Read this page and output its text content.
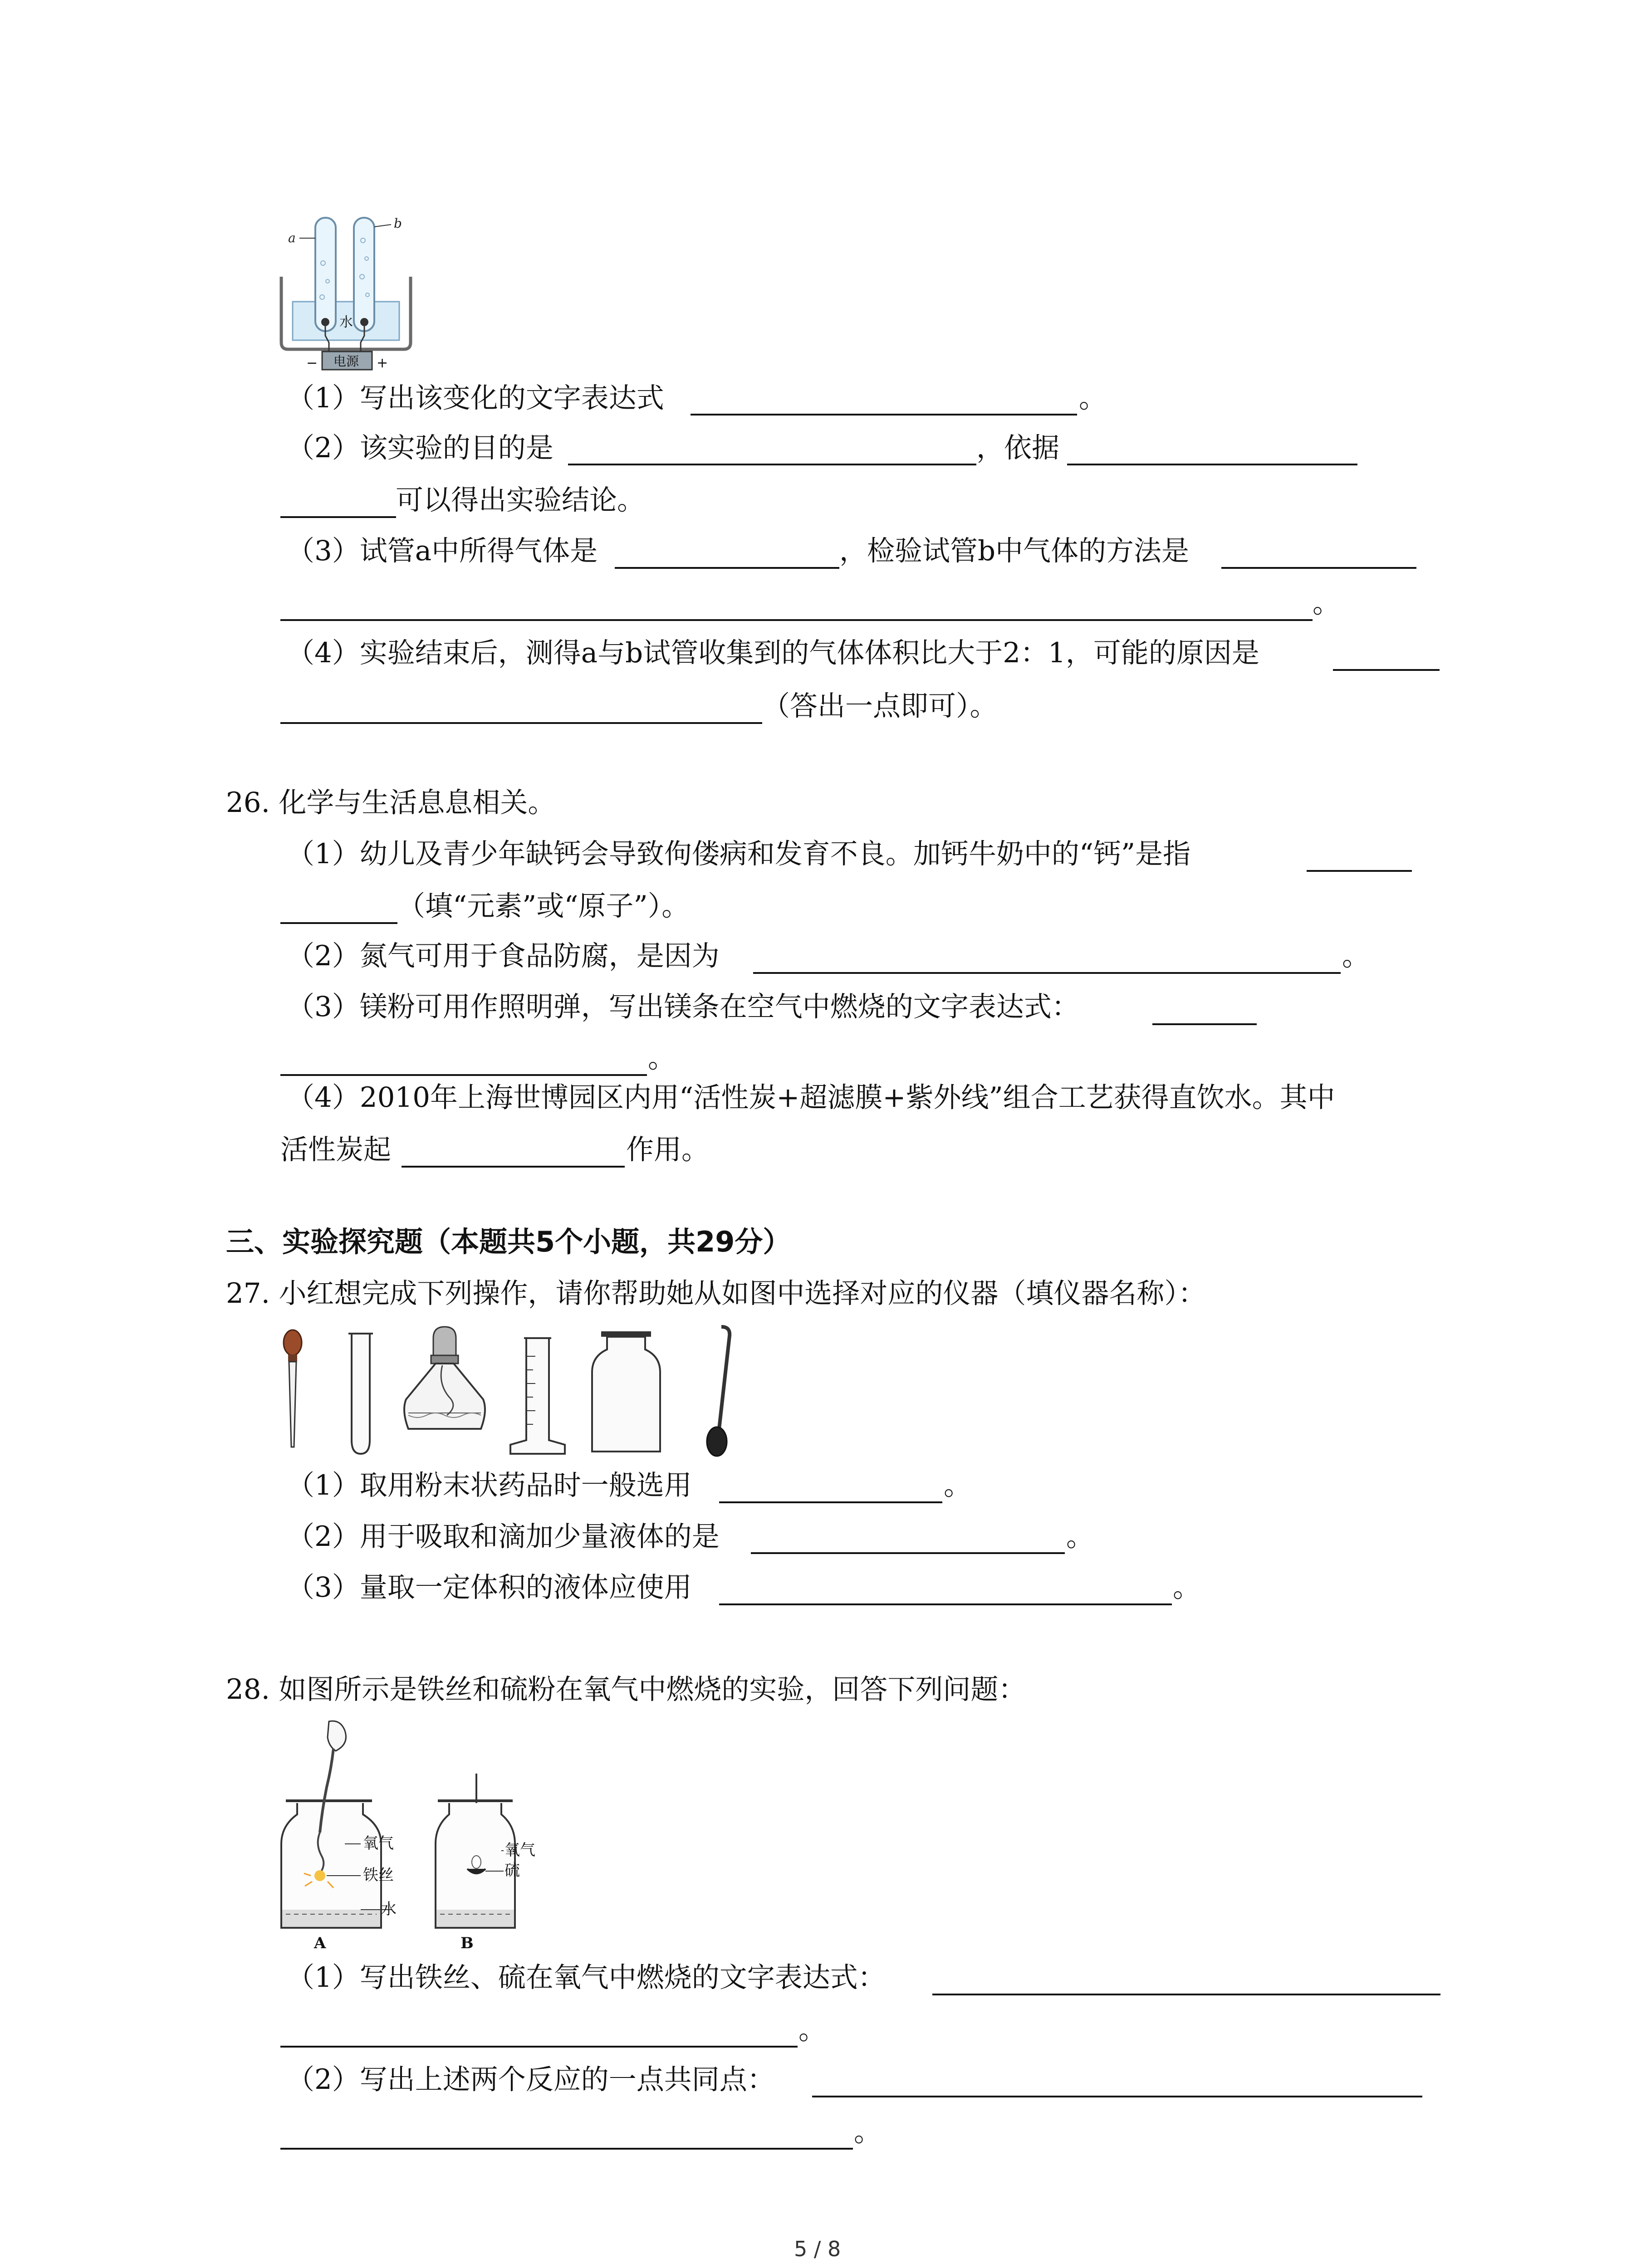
a
b
水
电源
−	+
（1）写出该变化的文字表达式	。
（2）该实验的目的是	，依据
可以得出实验结论。
（3）试管a中所得气体是	，检验试管b中气体的方法是
。
（4）实验结束后，测得a与b试管收集到的气体体积比大于2：1，可能的原因是
（答出一点即可）。
26. 化学与生活息息相关。
（1）幼儿及青少年缺钙会导致佝偻病和发育不良。加钙牛奶中的“钙”是指
（填“元素”或“原子”）。
（2）氮气可用于食品防腐，是因为	。
（3）镁粉可用作照明弹，写出镁条在空气中燃烧的文字表达式：
。
（4）2010年上海世博园区内用“活性炭+超滤膜+紫外线”组合工艺获得直饮水。其中
活性炭起	作用。
三、实验探究题（本题共5个小题，共29分）
27. 小红想完成下列操作，请你帮助她从如图中选择对应的仪器（填仪器名称）：
（1）取用粉末状药品时一般选用	。
（2）用于吸取和滴加少量液体的是	。
（3）量取一定体积的液体应使用	。
28. 如图所示是铁丝和硫粉在氧气中燃烧的实验，回答下列问题：
氧气
铁丝
水
A
氧气
硫
B
（1）写出铁丝、硫在氧气中燃烧的文字表达式：
。
（2）写出上述两个反应的一点共同点：
。
5 / 8
